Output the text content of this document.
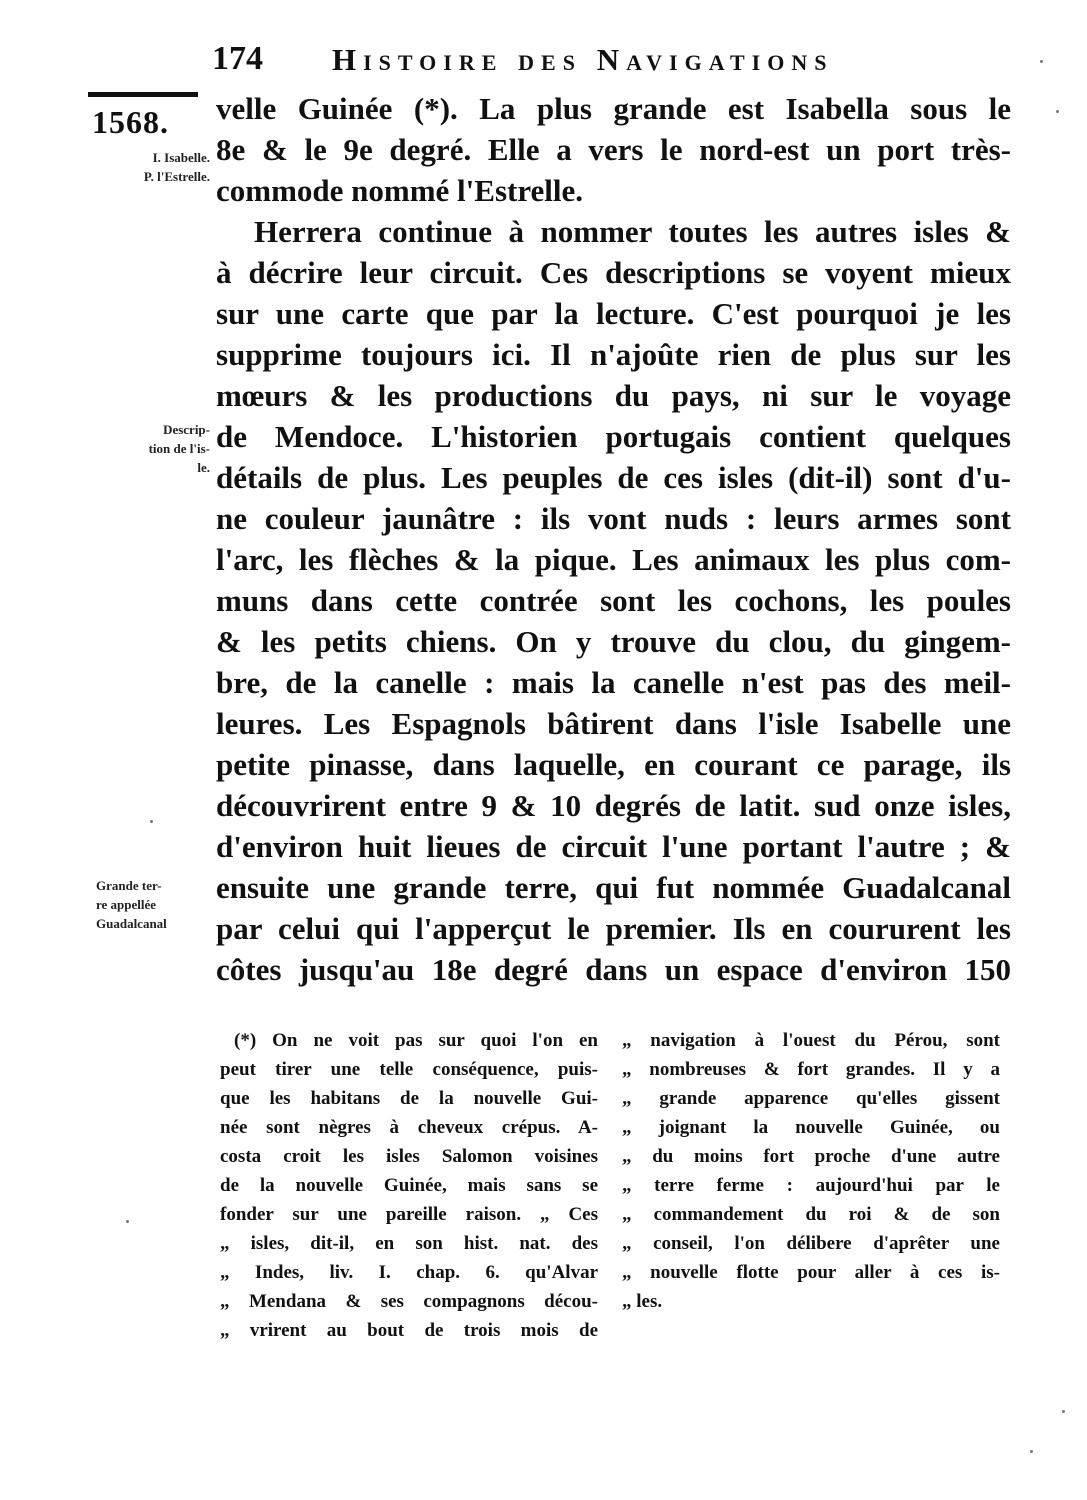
174 Histoire des Navigations
1568.
I. Isabelle.
P. l'Estrelle.
Descrip-
tion de l'is-
le.
Grande ter-
re appellée
Guadalcanal
velle Guinée (*). La plus grande est Isabella sous le
8e & le 9e degré. Elle a vers le nord-est un port très-
commode nommé l'Estrelle.
Herrera continue à nommer toutes les autres isles &
à décrire leur circuit. Ces descriptions se voyent mieux
sur une carte que par la lecture. C'est pourquoi je les
supprime toujours ici. Il n'ajoûte rien de plus sur les
mœurs & les productions du pays, ni sur le voyage
de Mendoce. L'historien portugais contient quelques
détails de plus. Les peuples de ces isles (dit-il) sont d'u-
ne couleur jaunâtre : ils vont nuds : leurs armes sont
l'arc, les flèches & la pique. Les animaux les plus com-
muns dans cette contrée sont les cochons, les poules
& les petits chiens. On y trouve du clou, du gingem-
bre, de la canelle : mais la canelle n'est pas des meil-
leures. Les Espagnols bâtirent dans l'isle Isabelle une
petite pinasse, dans laquelle, en courant ce parage, ils
découvrirent entre 9 & 10 degrés de latit. sud onze isles,
d'environ huit lieues de circuit l'une portant l'autre ; &
ensuite une grande terre, qui fut nommée Guadalcanal
par celui qui l'apperçut le premier. Ils en coururent les
côtes jusqu'au 18e degré dans un espace d'environ 150
(*) On ne voit pas sur quoi l'on en
peut tirer une telle conséquence, puis-
que les habitans de la nouvelle Gui-
née sont nègres à cheveux crépus. A-
costa croit les isles Salomon voisines
de la nouvelle Guinée, mais sans se
fonder sur une pareille raison. „ Ces
„ isles, dit-il, en son hist. nat. des
„ Indes, liv. I. chap. 6. qu'Alvar
„ Mendana & ses compagnons décou-
„ vrirent au bout de trois mois de
„ navigation à l'ouest du Pérou, sont
„ nombreuses & fort grandes. Il y a
„ grande apparence qu'elles gissent
„ joignant la nouvelle Guinée, ou
„ du moins fort proche d'une autre
„ terre ferme : aujourd'hui par le
„ commandement du roi & de son
„ conseil, l'on délibere d'aprêter une
„ nouvelle flotte pour aller à ces is-
„ les.
